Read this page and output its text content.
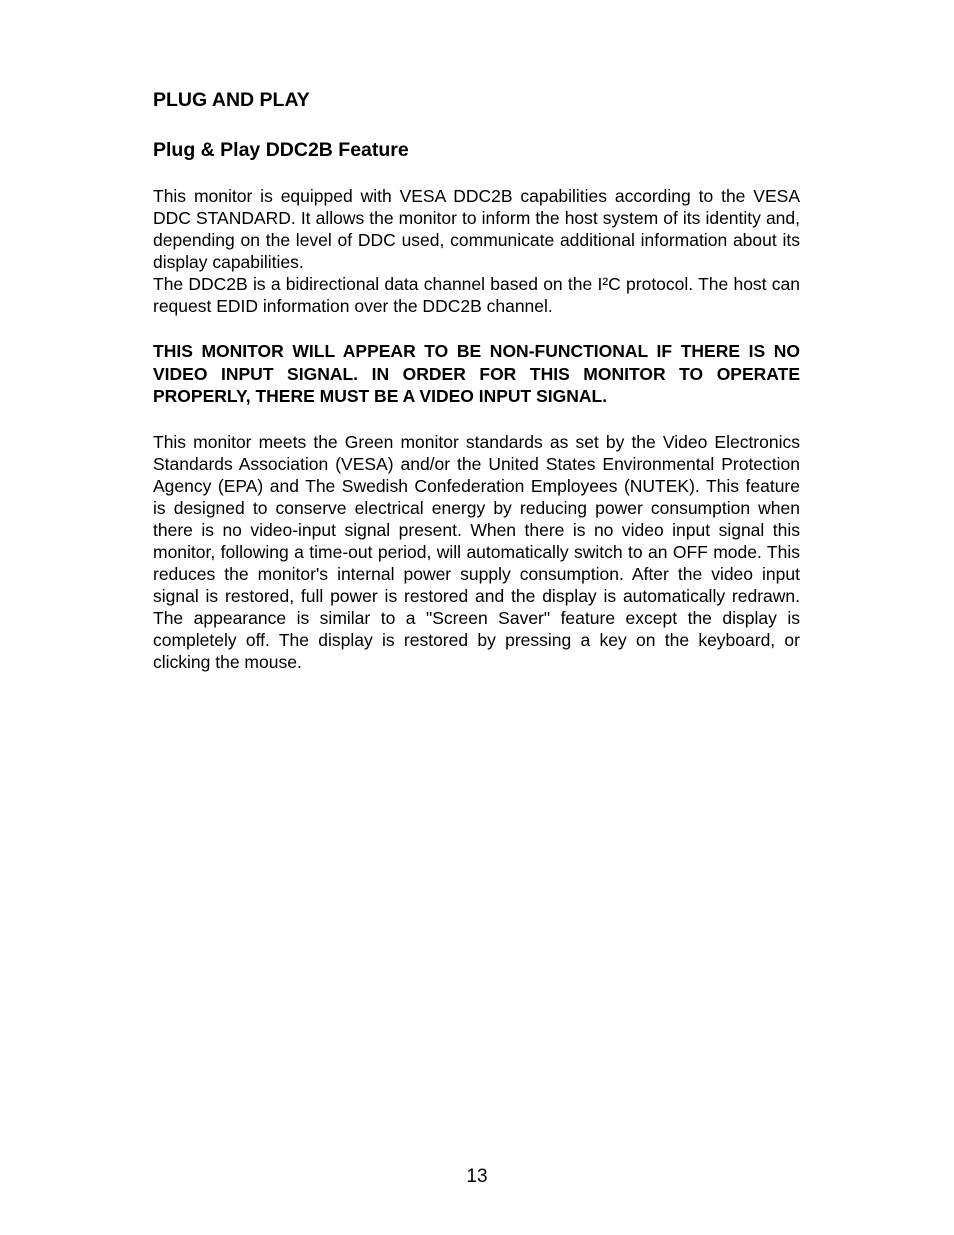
PLUG AND PLAY
Plug & Play DDC2B Feature

This monitor is equipped with VESA DDC2B capabilities according to the VESA DDC STANDARD. It allows the monitor to inform the host system of its identity and, depending on the level of DDC used, communicate additional information about its display capabilities.

The DDC2B is a bidirectional data channel based on the I²C protocol. The host can request EDID information over the DDC2B channel.

THIS MONITOR WILL APPEAR TO BE NON-FUNCTIONAL IF THERE IS NO VIDEO INPUT SIGNAL. IN ORDER FOR THIS MONITOR TO OPERATE PROPERLY, THERE MUST BE A VIDEO INPUT SIGNAL.

This monitor meets the Green monitor standards as set by the Video Electronics Standards Association (VESA) and/or the United States Environmental Protection Agency (EPA) and The Swedish Confederation Employees (NUTEK). This feature is designed to conserve electrical energy by reducing power consumption when there is no video-input signal present. When there is no video input signal this monitor, following a time-out period, will automatically switch to an OFF mode. This reduces the monitor's internal power supply consumption. After the video input signal is restored, full power is restored and the display is automatically redrawn. The appearance is similar to a "Screen Saver" feature except the display is completely off. The display is restored by pressing a key on the keyboard, or clicking the mouse.

13
